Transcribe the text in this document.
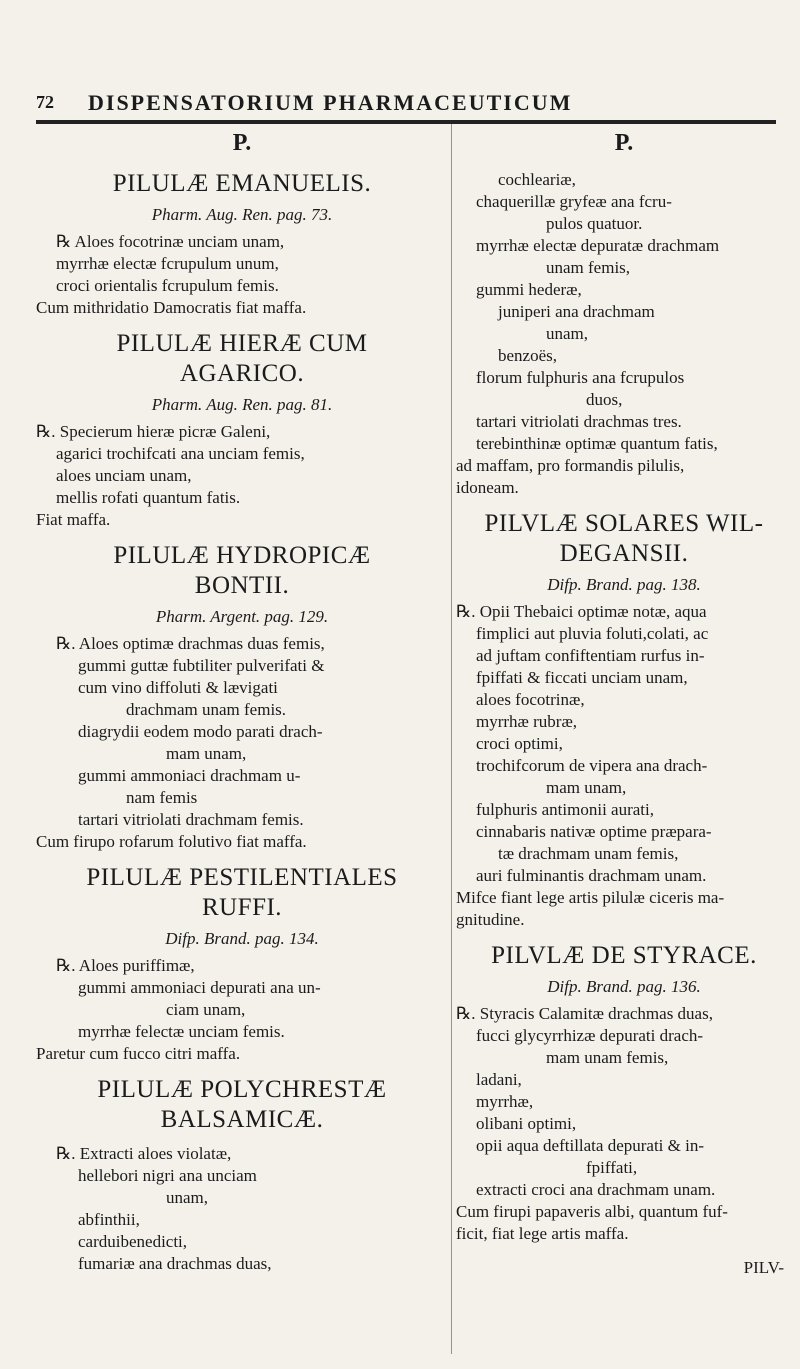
72 DISPENSATORIUM PHARMACEUTICUM
P.
PILULÆ EMANUELIS.
Pharm. Aug. Ren. pag. 73.
℞ Aloes focotrinæ unciam unam,
myrrhæ electæ fcrupulum unum,
croci orientalis fcrupulum femis.
Cum mithridatio Damocratis fiat maffa.
PILULÆ HIERÆ CUM
AGARICO.
Pharm. Aug. Ren. pag. 81.
℞. Specierum hieræ picræ Galeni,
agarici trochifcati ana unciam femis,
aloes unciam unam,
mellis rofati quantum fatis.
Fiat maffa.
PILULÆ HYDROPICÆ
BONTII.
Pharm. Argent. pag. 129.
℞. Aloes optimæ drachmas duas femis,
gummi guttæ fubtiliter pulverifati &
cum vino diffoluti & lævigati
drachmam unam femis.
diagrydii eodem modo parati drach-
mam unam,
gummi ammoniaci drachmam u-
nam femis
tartari vitriolati drachmam femis.
Cum firupo rofarum folutivo fiat maffa.
PILULÆ PESTILENTIALES
RUFFI.
Difp. Brand. pag. 134.
℞. Aloes puriffimæ,
gummi ammoniaci depurati ana un-
ciam unam,
myrrhæ felectæ unciam femis.
Paretur cum fucco citri maffa.
PILULÆ POLYCHRESTÆ
BALSAMICÆ.
℞. Extracti aloes violatæ,
hellebori nigri ana unciam
unam,
abfinthii,
carduibenedicti,
fumariæ ana drachmas duas,
P.
cochleariæ,
chaquerillæ gryfeæ ana fcru-
pulos quatuor.
myrrhæ electæ depuratæ drachmam
unam femis,
gummi hederæ,
juniperi ana drachmam
unam,
benzoës,
florum fulphuris ana fcrupulos
duos,
tartari vitriolati drachmas tres.
terebinthinæ optimæ quantum fatis,
ad maffam, pro formandis pilulis,
idoneam.
PILVLÆ SOLARES WIL-
DEGANSII.
Difp. Brand. pag. 138.
℞. Opii Thebaici optimæ notæ, aqua
fimplici aut pluvia foluti,colati, ac
ad juftam confiftentiam rurfus in-
fpiffati & ficcati unciam unam,
aloes focotrinæ,
myrrhæ rubræ,
croci optimi,
trochifcorum de vipera ana drach-
mam unam,
fulphuris antimonii aurati,
cinnabaris nativæ optime præpara-
tæ drachmam unam femis,
auri fulminantis drachmam unam.
Mifce fiant lege artis pilulæ ciceris ma-
gnitudine.
PILVLÆ DE STYRACE.
Difp. Brand. pag. 136.
℞. Styracis Calamitæ drachmas duas,
fucci glycyrrhizæ depurati drach-
mam unam femis,
ladani,
myrrhæ,
olibani optimi,
opii aqua deftillata depurati & in-
fpiffati,
extracti croci ana drachmam unam.
Cum firupi papaveris albi, quantum fuf-
ficit, fiat lege artis maffa.
PILV-
